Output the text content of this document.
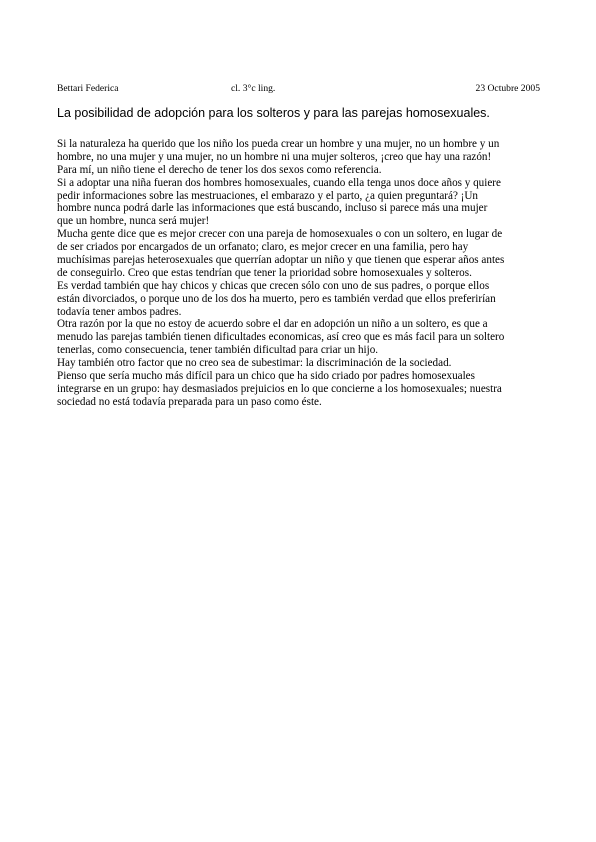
Bettari Federica	cl. 3°c ling.	23 Octubre 2005
La posibilidad de adopción para los solteros y para las parejas homosexuales.
Si la naturaleza ha querido que los niño los pueda crear un hombre y una mujer, no un hombre y un
hombre, no una mujer y una mujer, no un hombre ni una mujer solteros, ¡creo que hay una razón!
Para mí, un niño tiene el derecho de tener los dos sexos como referencia.
Si a adoptar una niña fueran dos hombres homosexuales, cuando ella tenga unos doce años y quiere
pedir informaciones sobre las mestruaciones, el embarazo y el parto, ¿a quien preguntará? ¡Un
hombre nunca podrá darle las informaciones que está buscando, incluso si parece más una mujer
que un hombre, nunca será mujer!
Mucha gente dice que es mejor crecer con una pareja de homosexuales o con un soltero, en lugar de
de ser criados por encargados de un orfanato; claro, es mejor crecer en una familia, pero hay
muchísimas parejas heterosexuales que querrían adoptar un niño y que tienen que esperar años antes
de conseguirlo. Creo que estas tendrían que tener la prioridad sobre homosexuales y solteros.
Es verdad también que hay chicos y chicas que crecen sólo con uno de sus padres, o porque ellos
están divorciados, o porque uno de los dos ha muerto, pero es también verdad que ellos preferirían
todavía tener ambos padres.
Otra razón por la que no estoy de acuerdo sobre el dar en adopción un niño a un soltero, es que a
menudo las parejas también tienen dificultades economicas, así creo que es más facil para un soltero
tenerlas, como consecuencia, tener también dificultad para criar un hijo.
Hay también otro factor que no creo sea de subestimar: la discriminación de la sociedad.
Pienso que sería mucho más difícil para un chico que ha sido criado por padres homosexuales
integrarse en un grupo: hay desmasiados prejuicios en lo que concierne a los homosexuales; nuestra
sociedad no está todavía preparada para un paso como éste.
